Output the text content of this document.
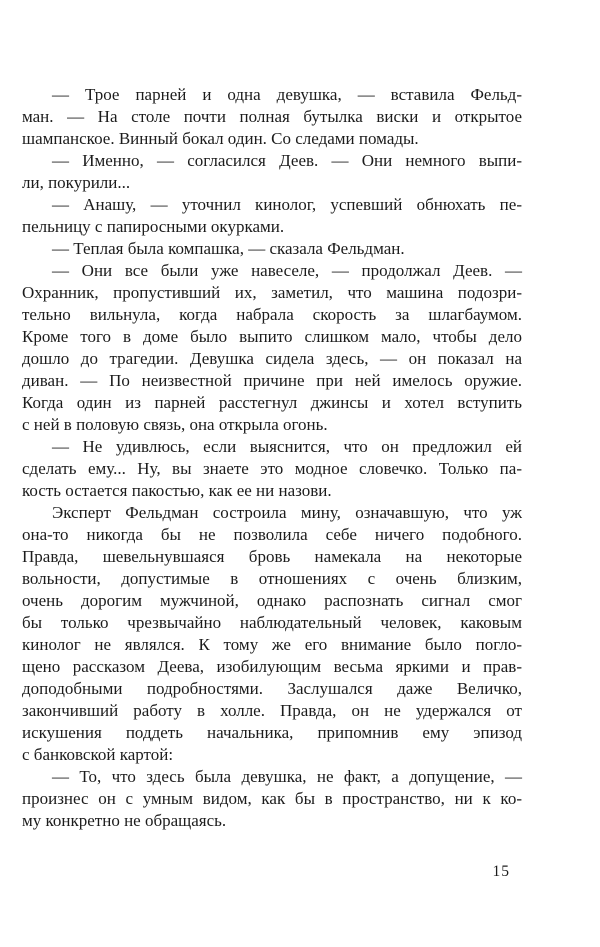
— Трое парней и одна девушка, — вставила Фельд-
ман. — На столе почти полная бутылка виски и открытое
шампанское. Винный бокал один. Со следами помады.

— Именно, — согласился Деев. — Они немного выпи-
ли, покурили...

— Анашу, — уточнил кинолог, успевший обнюхать пе-
пельницу с папиросными окурками.

— Теплая была компашка, — сказала Фельдман.

— Они все были уже навеселе, — продолжал Деев. —
Охранник, пропустивший их, заметил, что машина подозри-
тельно вильнула, когда набрала скорость за шлагбаумом.
Кроме того в доме было выпито слишком мало, чтобы дело
дошло до трагедии. Девушка сидела здесь, — он показал на
диван. — По неизвестной причине при ней имелось оружие.
Когда один из парней расстегнул джинсы и хотел вступить
с ней в половую связь, она открыла огонь.

— Не удивлюсь, если выяснится, что он предложил ей
сделать ему... Ну, вы знаете это модное словечко. Только па-
кость остается пакостью, как ее ни назови.

Эксперт Фельдман состроила мину, означавшую, что уж
она-то никогда бы не позволила себе ничего подобного.
Правда, шевельнувшаяся бровь намекала на некоторые
вольности, допустимые в отношениях с очень близким,
очень дорогим мужчиной, однако распознать сигнал смог
бы только чрезвычайно наблюдательный человек, каковым
кинолог не являлся. К тому же его внимание было погло-
щено рассказом Деева, изобилующим весьма яркими и прав-
доподобными подробностями. Заслушался даже Величко,
закончивший работу в холле. Правда, он не удержался от
искушения поддеть начальника, припомнив ему эпизод
с банковской картой:

— То, что здесь была девушка, не факт, а допущение, —
произнес он с умным видом, как бы в пространство, ни к ко-
му конкретно не обращаясь.

15
